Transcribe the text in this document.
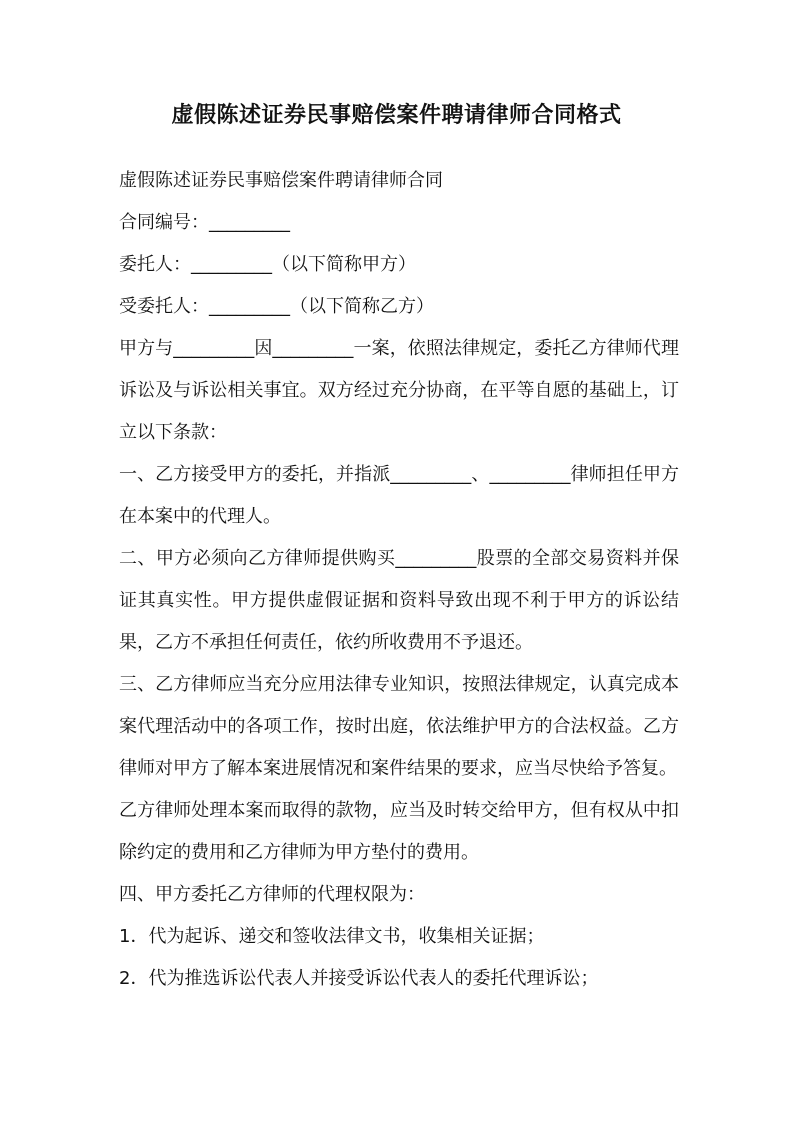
虚假陈述证券民事赔偿案件聘请律师合同格式

虚假陈述证券民事赔偿案件聘请律师合同

合同编号：_________

委托人：_________（以下简称甲方）

受委托人：_________（以下简称乙方）

甲方与_________因_________一案，依照法律规定，委托乙方律师代理诉讼及与诉讼相关事宜。双方经过充分协商，在平等自愿的基础上，订立以下条款：

一、乙方接受甲方的委托，并指派_________、_________律师担任甲方在本案中的代理人。

二、甲方必须向乙方律师提供购买_________股票的全部交易资料并保证其真实性。甲方提供虚假证据和资料导致出现不利于甲方的诉讼结果，乙方不承担任何责任，依约所收费用不予退还。

三、乙方律师应当充分应用法律专业知识，按照法律规定，认真完成本案代理活动中的各项工作，按时出庭，依法维护甲方的合法权益。乙方律师对甲方了解本案进展情况和案件结果的要求，应当尽快给予答复。

乙方律师处理本案而取得的款物，应当及时转交给甲方，但有权从中扣除约定的费用和乙方律师为甲方垫付的费用。

四、甲方委托乙方律师的代理权限为：

1．代为起诉、递交和签收法律文书，收集相关证据；

2．代为推选诉讼代表人并接受诉讼代表人的委托代理诉讼；
